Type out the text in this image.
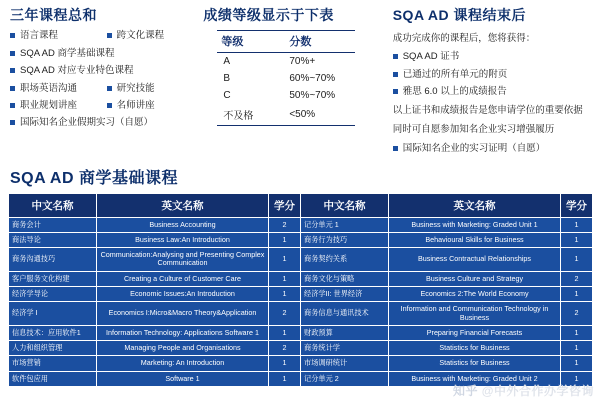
三年课程总和
语言课程	跨文化课程
SQA AD 商学基础课程
SQA AD 对应专业特色课程
职场英语沟通	研究技能
职业规划讲座	名师讲座
国际知名企业假期实习（自愿）
成绩等级显示于下表
等级	分数
A	70%+
B	60%~70%
C	50%~70%
不及格	<50%
SQA AD 课程结束后

成功完成你的课程后，您将获得：

SQA AD 证书
已通过的所有单元的附页
雅思 6.0 以上的成绩报告

以上证书和成绩报告是您申请学位的重要依据

同时可自愿参加知名企业实习增强履历

国际知名企业的实习证明（自愿）
SQA AD 商学基础课程
中文名称	英文名称	学分	中文名称	英文名称	学分
商务会计	Business Accounting	2	记分单元 1	Business with Marketing: Graded Unit 1	1
商法导论	Business Law:An Introduction	1	商务行为技巧	Behavioural Skills for Business	1
商务沟通技巧	Communication:Analysing and Presenting Complex Communication	1	商务契约关系	Business Contractual Relationships	1
客户服务文化构建	Creating a Culture of Customer Care	1	商务文化与策略	Business Culture and Strategy	2
经济学导论	Economic Issues:An Introduction	1	经济学II: 世界经济	Economics 2:The World Economy	1
经济学 I	Economics I:Micro&Macro Theory&Application	2	商务信息与通讯技术	Information and Communication Technology in Business	2
信息技术：应用软件1	Information Technology: Applications Software 1	1	财政预算	Preparing Financial Forecasts	1
人力和组织管理	Managing People and Organisations	2	商务统计学	Statistics for Business	1
市场营销	Marketing: An Introduction	1	市场调研统计	Statistics for Business	1
软件包应用	Software 1	1	记分单元 2	Business with Marketing: Graded Unit 2	1
知乎 @中外合作办学咨询
